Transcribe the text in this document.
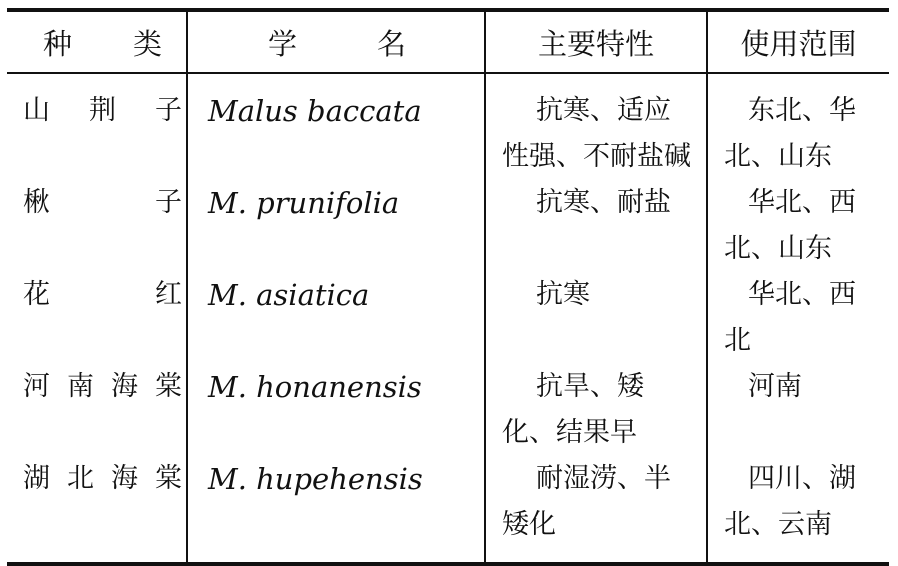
种 类	学 名	主要特性	使用范围

山 荆 子	Malus baccata	抗寒、适应性强、不耐盐碱	东北、华北、山东

楸 子	M. prunifolia	抗寒、耐盐	华北、西北、山东

花 红	M. asiatica	抗寒	华北、西北

河 南 海 棠	M. honanensis	抗旱、矮化、结果早	河南

湖 北 海 棠	M. hupehensis	耐湿涝、半矮化	四川、湖北、云南
